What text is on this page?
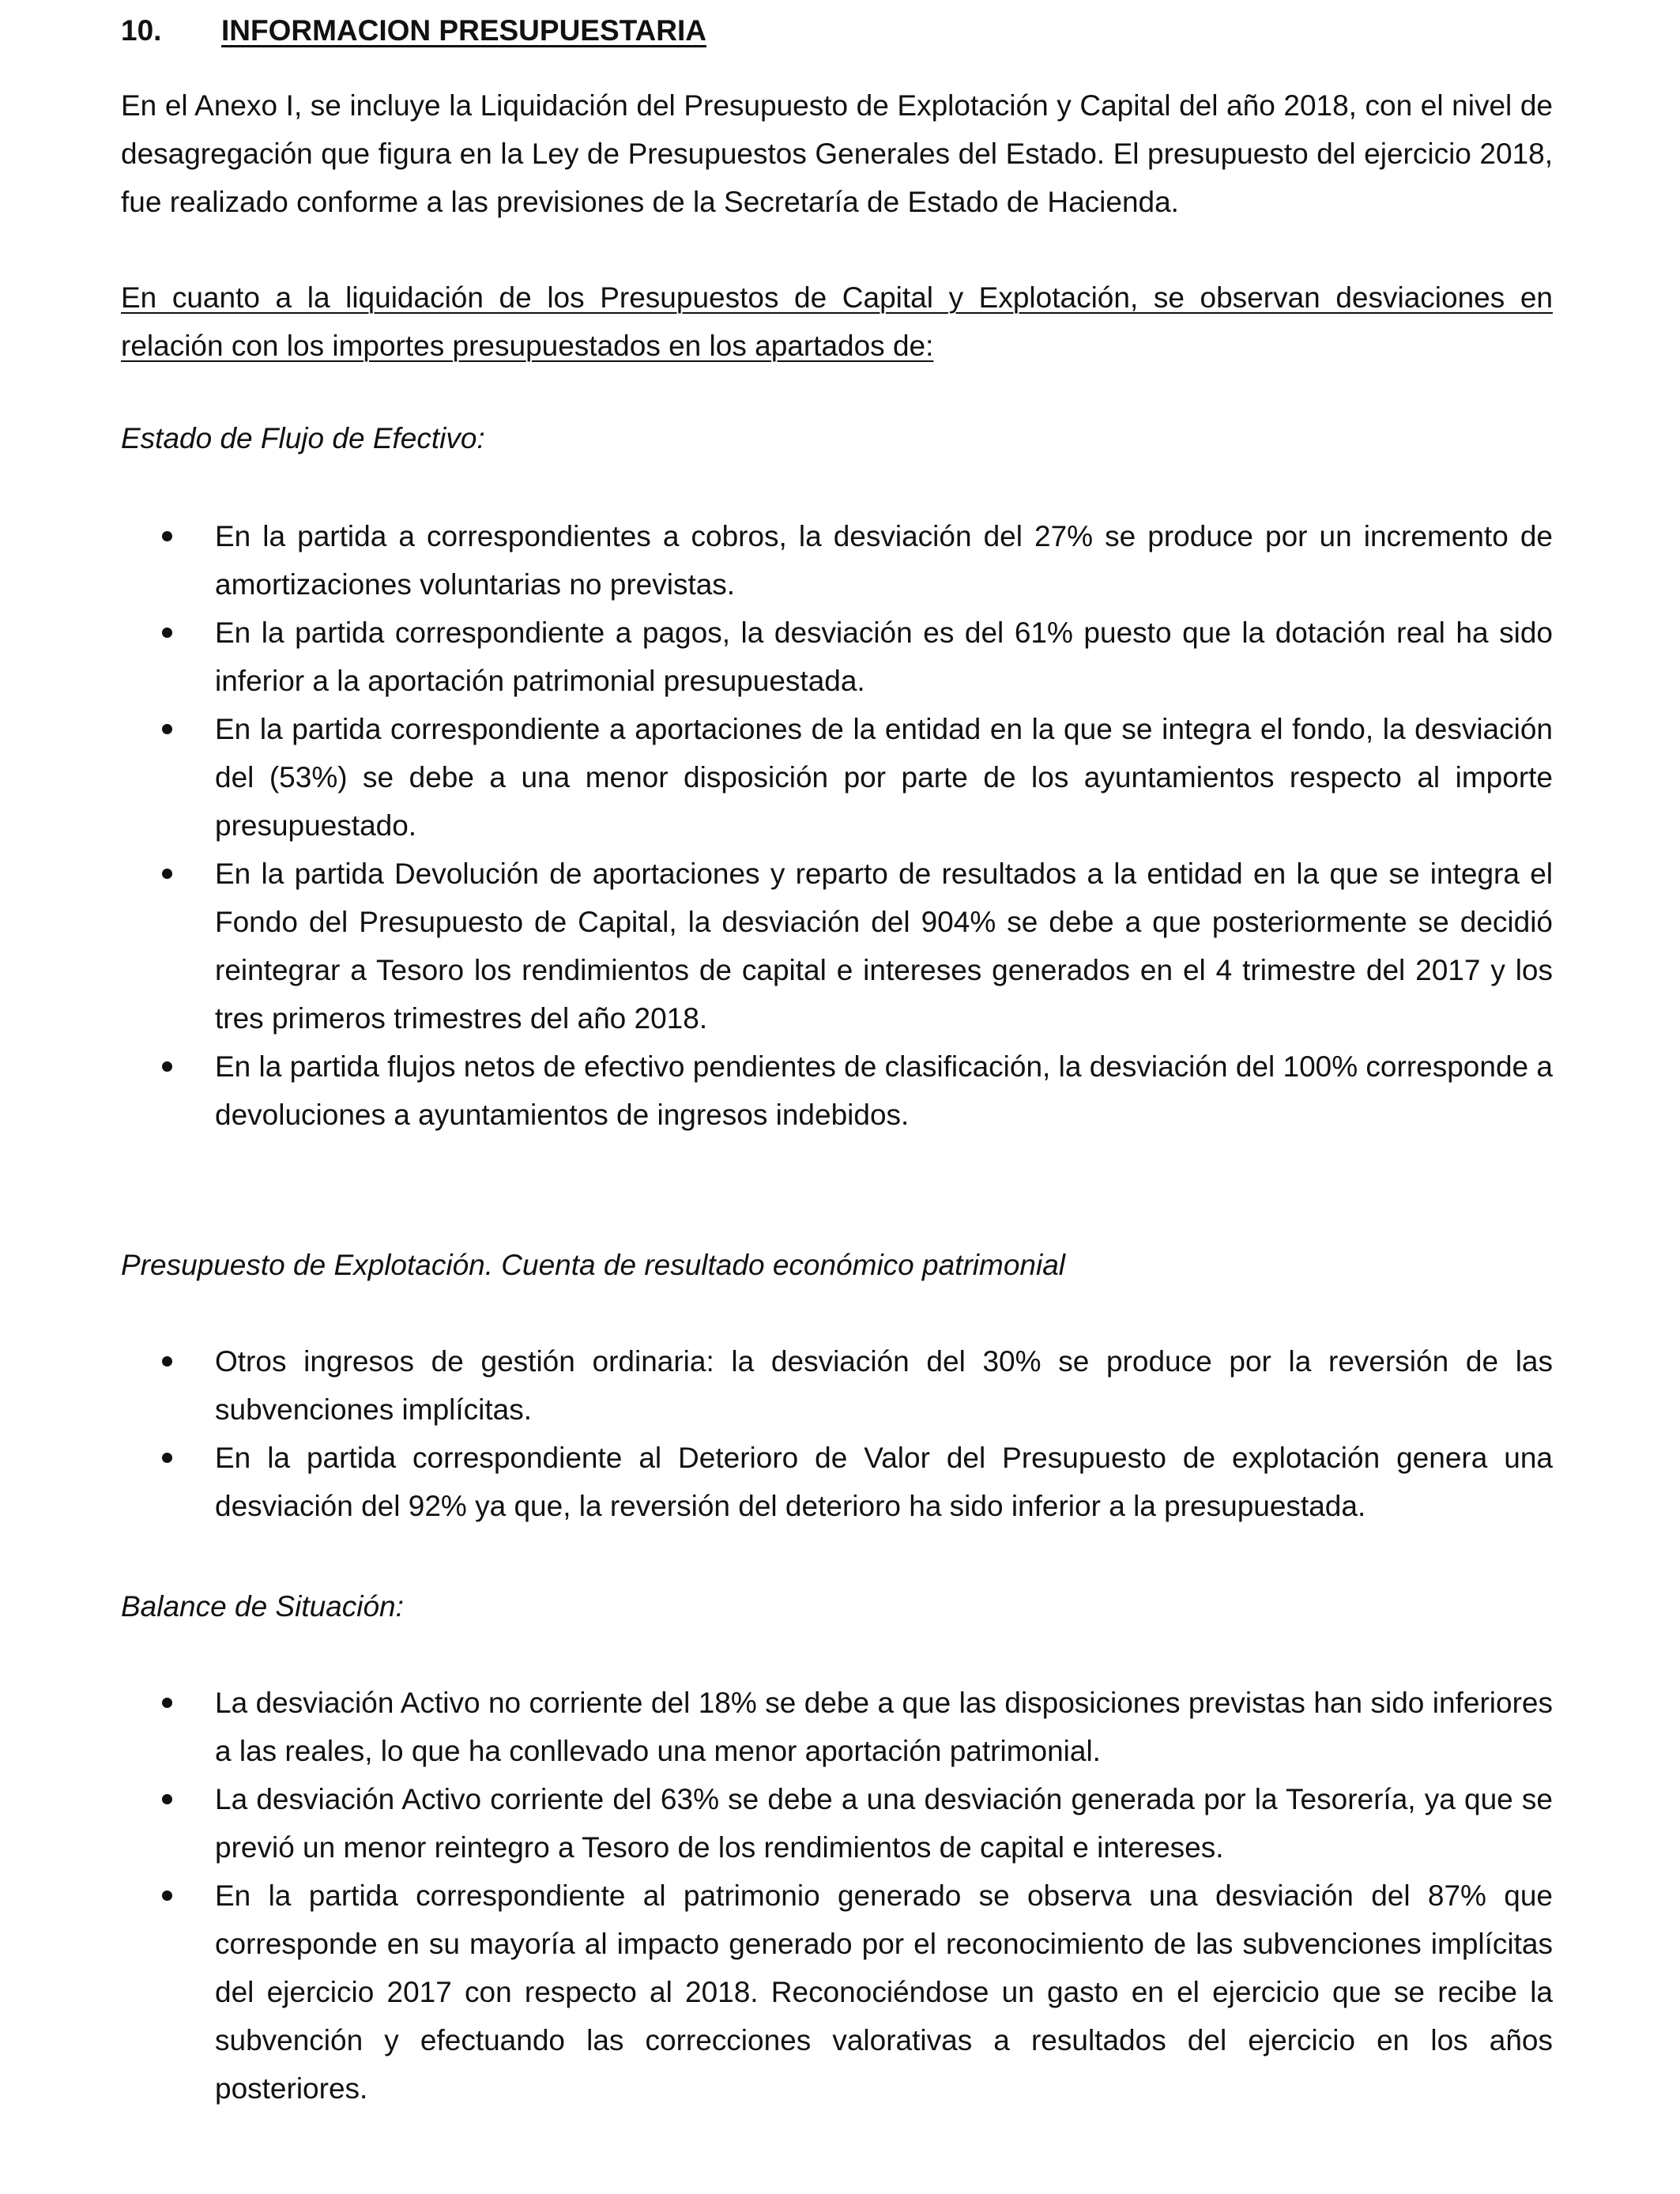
10. INFORMACION PRESUPUESTARIA
En el Anexo I, se incluye la Liquidación del Presupuesto de Explotación y Capital del año 2018, con el nivel de desagregación que figura en la Ley de Presupuestos Generales del Estado. El presupuesto del ejercicio 2018, fue realizado conforme a las previsiones de la Secretaría de Estado de Hacienda.
En cuanto a la liquidación de los Presupuestos de Capital y Explotación, se observan desviaciones en relación con los importes presupuestados en los apartados de:
Estado de Flujo de Efectivo:
En la partida a correspondientes a cobros, la desviación del 27% se produce por un incremento de amortizaciones voluntarias no previstas.
En la partida correspondiente a pagos, la desviación es del 61% puesto que la dotación real ha sido inferior a la aportación patrimonial presupuestada.
En la partida correspondiente a aportaciones de la entidad en la que se integra el fondo, la desviación del (53%) se debe a una menor disposición por parte de los ayuntamientos respecto al importe presupuestado.
En la partida Devolución de aportaciones y reparto de resultados a la entidad en la que se integra el Fondo del Presupuesto de Capital, la desviación del 904% se debe a que posteriormente se decidió reintegrar a Tesoro los rendimientos de capital e intereses generados en el 4 trimestre del 2017 y los tres primeros trimestres del año 2018.
En la partida flujos netos de efectivo pendientes de clasificación, la desviación del 100% corresponde a devoluciones a ayuntamientos de ingresos indebidos.
Presupuesto de Explotación. Cuenta de resultado económico patrimonial
Otros ingresos de gestión ordinaria: la desviación del 30% se produce por la reversión de las subvenciones implícitas.
En la partida correspondiente al Deterioro de Valor del Presupuesto de explotación genera una desviación del 92% ya que, la reversión del deterioro ha sido inferior a la presupuestada.
Balance de Situación:
La desviación Activo no corriente del 18% se debe a que las disposiciones previstas han sido inferiores a las reales, lo que ha conllevado una menor aportación patrimonial.
La desviación Activo corriente del 63% se debe a una desviación generada por la Tesorería, ya que se previó un menor reintegro a Tesoro de los rendimientos de capital e intereses.
En la partida correspondiente al patrimonio generado se observa una desviación del 87% que corresponde en su mayoría al impacto generado por el reconocimiento de las subvenciones implícitas del ejercicio 2017 con respecto al 2018. Reconociéndose un gasto en el ejercicio que se recibe la subvención y efectuando las correcciones valorativas a resultados del ejercicio en los años posteriores.
